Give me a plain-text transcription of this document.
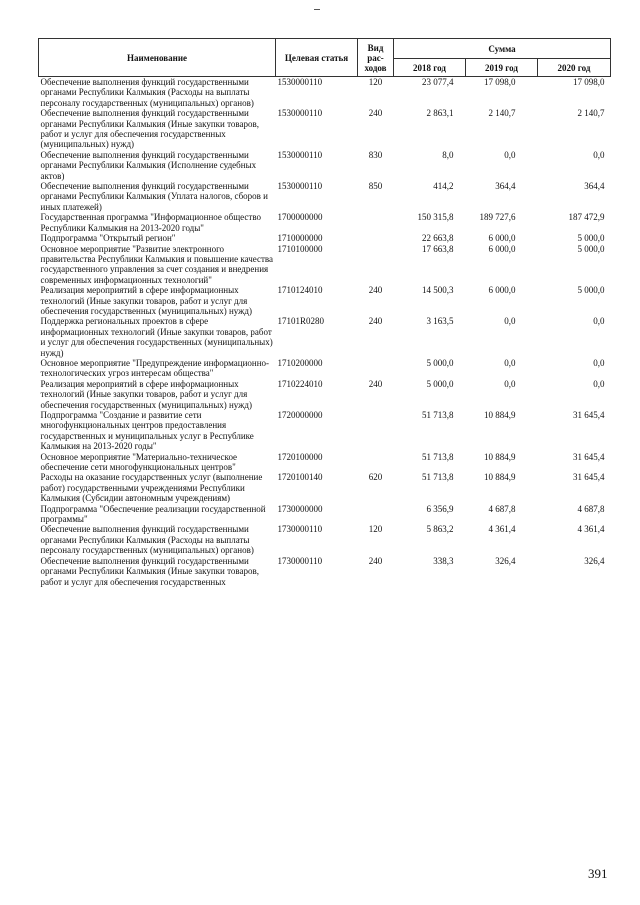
Наименование	Целевая статья	Вид рас-ходов	Сумма		
			2018 год	2019 год	2020 год
Обеспечение выполнения функций государственными органами Республики Калмыкия (Расходы на выплаты персоналу государственных (муниципальных) органов)	1530000110	120	23 077,4	17 098,0	17 098,0
Обеспечение выполнения функций государственными органами Республики Калмыкия (Иные закупки товаров, работ и услуг для обеспечения государственных (муниципальных) нужд)	1530000110	240	2 863,1	2 140,7	2 140,7
Обеспечение выполнения функций государственными органами Республики Калмыкия (Исполнение судебных актов)	1530000110	830	8,0	0,0	0,0
Обеспечение выполнения функций государственными органами Республики Калмыкия (Уплата налогов, сборов и иных платежей)	1530000110	850	414,2	364,4	364,4
Государственная программа "Информационное общество Республики Калмыкия на 2013-2020 годы"	1700000000		150 315,8	189 727,6	187 472,9
Подпрограмма "Открытый регион"	1710000000		22 663,8	6 000,0	5 000,0
Основное мероприятие "Развитие электронного правительства Республики Калмыкия и повышение качества государственного управления за счет создания и внедрения современных информационных технологий"	1710100000		17 663,8	6 000,0	5 000,0
Реализация мероприятий в сфере информационных технологий (Иные закупки товаров, работ и услуг для обеспечения государственных (муниципальных) нужд)	1710124010	240	14 500,3	6 000,0	5 000,0
Поддержка региональных проектов в сфере информационных технологий (Иные закупки товаров, работ и услуг для обеспечения государственных (муниципальных) нужд)	17101R0280	240	3 163,5	0,0	0,0
Основное мероприятие "Предупреждение информационно-технологических угроз интересам общества"	1710200000		5 000,0	0,0	0,0
Реализация мероприятий в сфере информационных технологий (Иные закупки товаров, работ и услуг для обеспечения государственных (муниципальных) нужд)	1710224010	240	5 000,0	0,0	0,0
Подпрограмма "Создание и развитие сети многофункциональных центров предоставления государственных и муниципальных услуг в Республике Калмыкия на 2013-2020 годы"	1720000000		51 713,8	10 884,9	31 645,4
Основное мероприятие "Материально-техническое обеспечение сети многофункциональных центров"	1720100000		51 713,8	10 884,9	31 645,4
Расходы на оказание государственных услуг (выполнение работ) государственными учреждениями Республики Калмыкия (Субсидии автономным учреждениям)	1720100140	620	51 713,8	10 884,9	31 645,4
Подпрограмма "Обеспечение реализации государственной программы"	1730000000		6 356,9	4 687,8	4 687,8
Обеспечение выполнения функций государственными органами Республики Калмыкия (Расходы на выплаты персоналу государственных (муниципальных) органов)	1730000110	120	5 863,2	4 361,4	4 361,4
Обеспечение выполнения функций государственными органами Республики Калмыкия (Иные закупки товаров, работ и услуг для обеспечения государственных	1730000110	240	338,3	326,4	326,4
391
